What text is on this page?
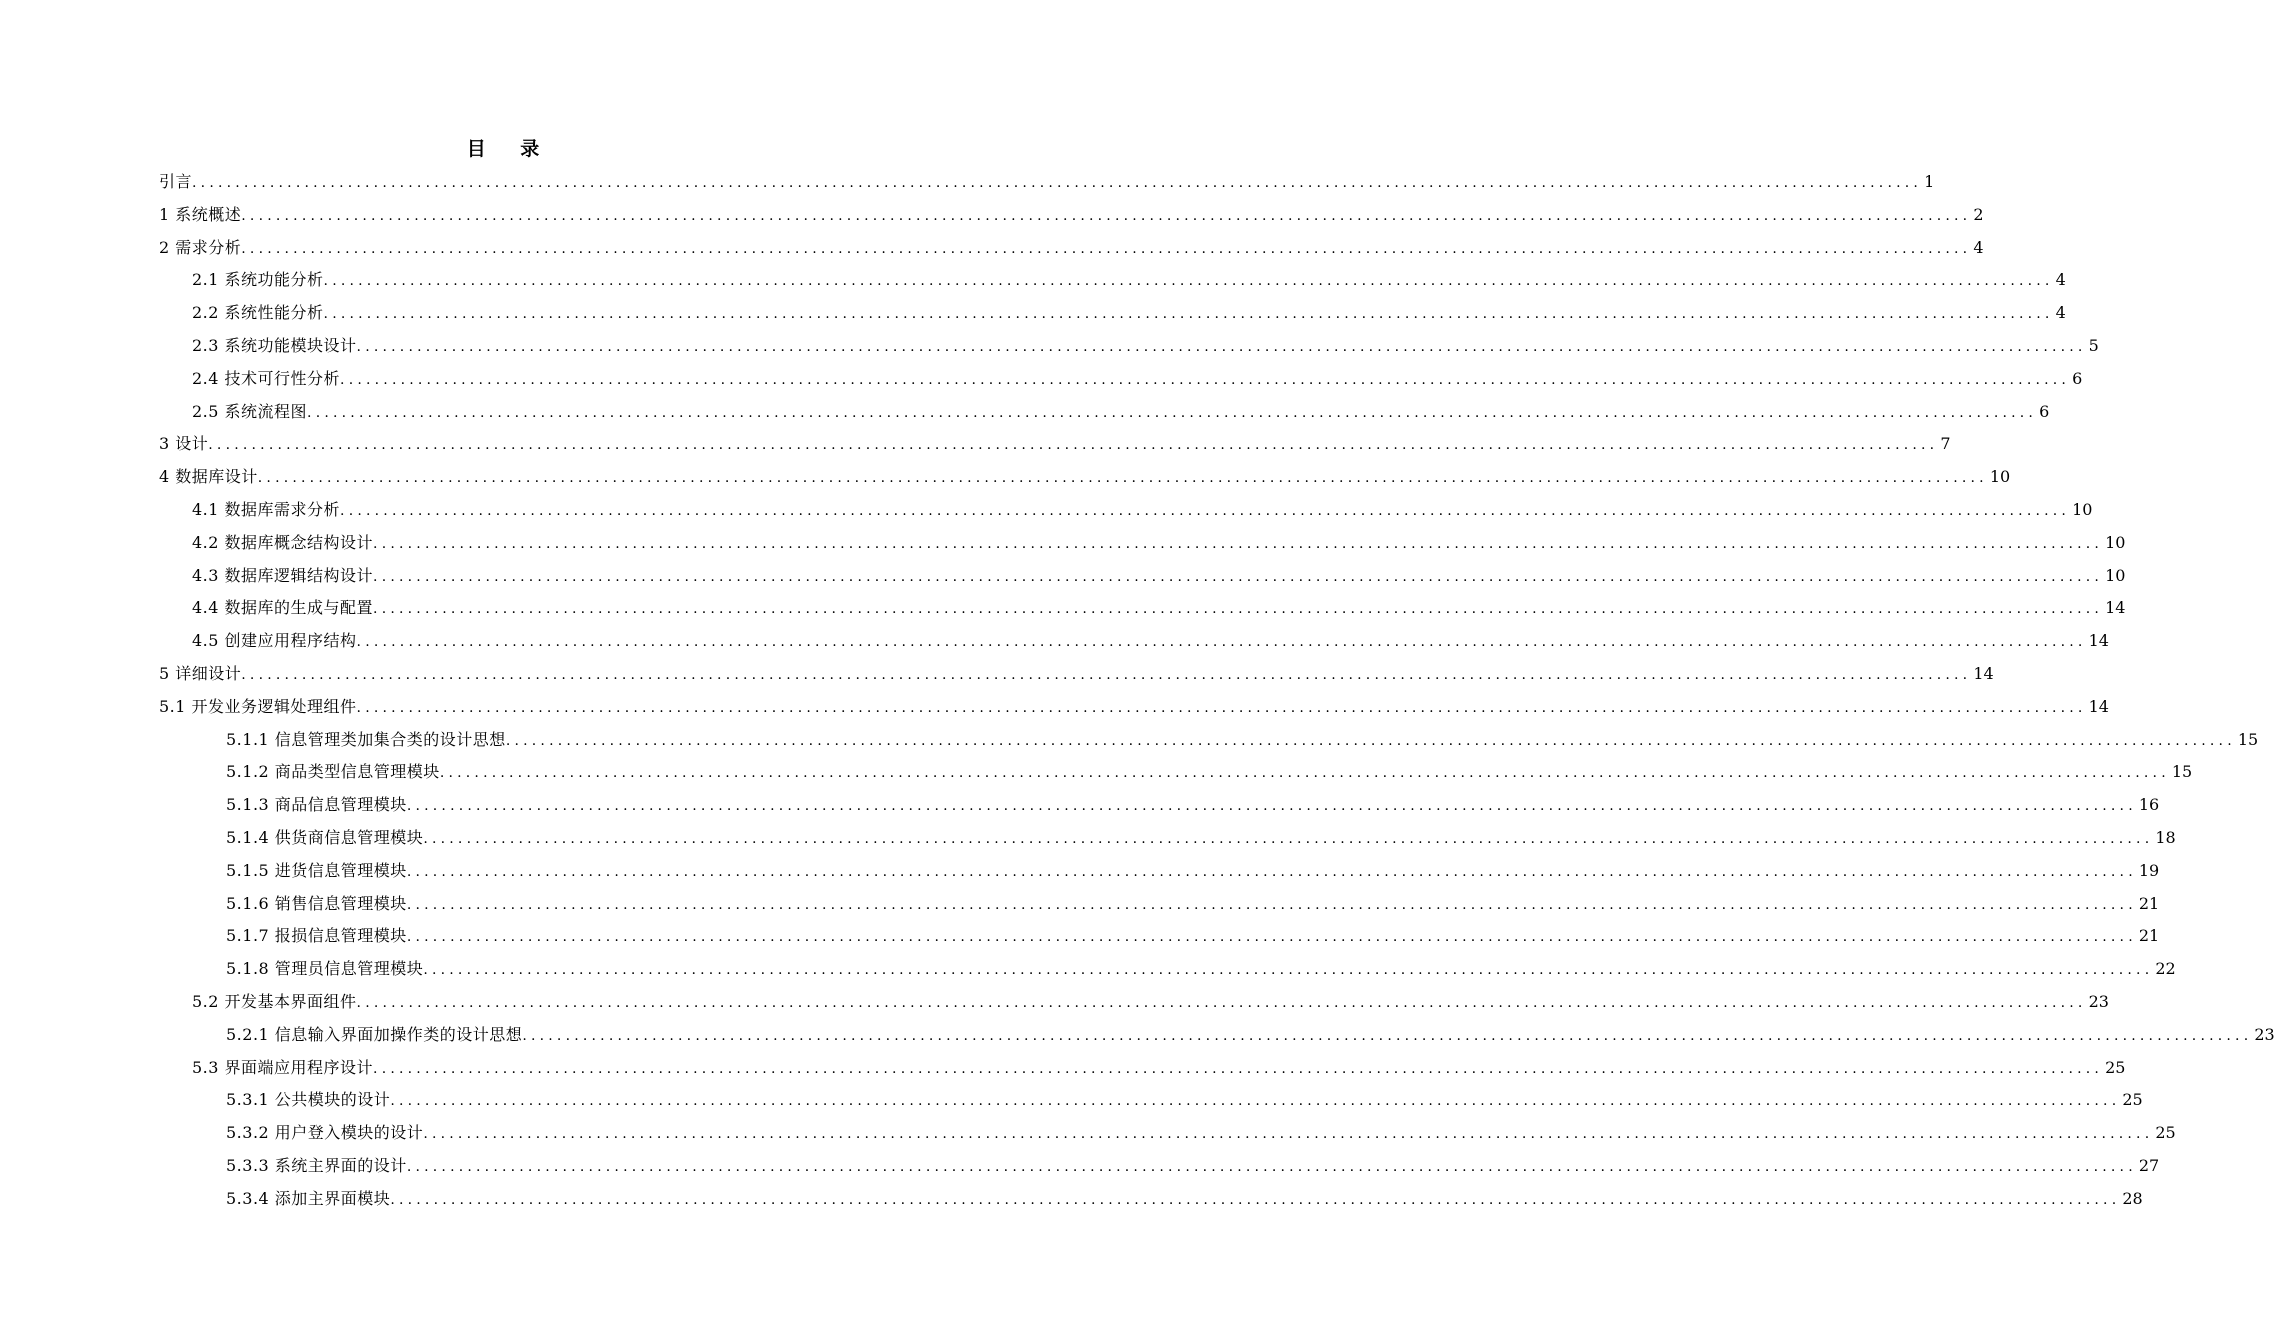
目 录
引言 ........................................................................................................................................................................................................ 1
1 系统概述 ........................................................................................................................................................................................................ 2
2 需求分析 ........................................................................................................................................................................................................ 4
2.1 系统功能分析 ........................................................................................................................................................................................................ 4
2.2 系统性能分析 ........................................................................................................................................................................................................ 4
2.3 系统功能模块设计 ........................................................................................................................................................................................................ 5
2.4 技术可行性分析 ........................................................................................................................................................................................................ 6
2.5 系统流程图 ........................................................................................................................................................................................................ 6
3 设计 ........................................................................................................................................................................................................ 7
4 数据库设计 ........................................................................................................................................................................................................ 10
4.1 数据库需求分析 ........................................................................................................................................................................................................ 10
4.2 数据库概念结构设计 ........................................................................................................................................................................................................ 10
4.3 数据库逻辑结构设计 ........................................................................................................................................................................................................ 10
4.4 数据库的生成与配置 ........................................................................................................................................................................................................ 14
4.5 创建应用程序结构 ........................................................................................................................................................................................................ 14
5 详细设计 ........................................................................................................................................................................................................ 14
5.1 开发业务逻辑处理组件 ........................................................................................................................................................................................................ 14
5.1.1 信息管理类加集合类的设计思想 ........................................................................................................................................................................................................ 15
5.1.2 商品类型信息管理模块 ........................................................................................................................................................................................................ 15
5.1.3 商品信息管理模块 ........................................................................................................................................................................................................ 16
5.1.4 供货商信息管理模块 ........................................................................................................................................................................................................ 18
5.1.5 进货信息管理模块 ........................................................................................................................................................................................................ 19
5.1.6 销售信息管理模块 ........................................................................................................................................................................................................ 21
5.1.7 报损信息管理模块 ........................................................................................................................................................................................................ 21
5.1.8 管理员信息管理模块 ........................................................................................................................................................................................................ 22
5.2 开发基本界面组件 ........................................................................................................................................................................................................ 23
5.2.1 信息输入界面加操作类的设计思想 ........................................................................................................................................................................................................ 23
5.3 界面端应用程序设计 ........................................................................................................................................................................................................ 25
5.3.1 公共模块的设计 ........................................................................................................................................................................................................ 25
5.3.2 用户登入模块的设计 ........................................................................................................................................................................................................ 25
5.3.3 系统主界面的设计 ........................................................................................................................................................................................................ 27
5.3.4 添加主界面模块 ........................................................................................................................................................................................................ 28
